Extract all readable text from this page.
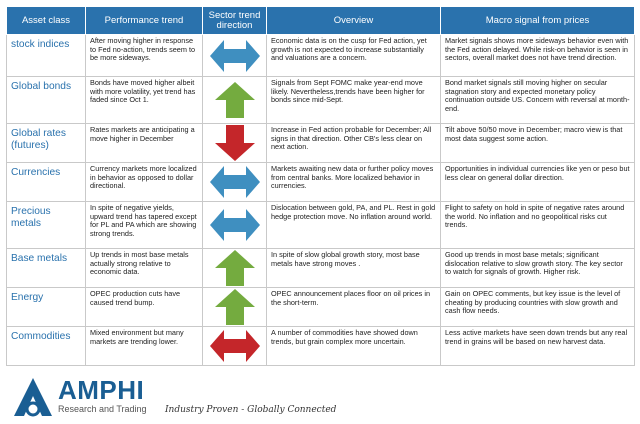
Asset class	Performance trend	Sector trend direction	Overview	Macro signal from prices
stock indices	After moving higher in response to Fed no-action, trends seem to be more sideways.		Economic data is on the cusp for Fed action, yet growth is not expected to increase substantially and valuations are a concern.	Market signals shows more sideways behavior even with the Fed action delayed. While risk-on behavior is seen in sectors, overall market does not have trend direction.
Global bonds	Bonds have moved higher albeit with more volatility, yet trend has faded since Oct 1.		Signals from Sept FOMC make year-end move likely. Nevertheless,trends have been higher for bonds since mid-Sept.	Bond market signals still moving higher on secular stagnation story and expected monetary policy continuation outside US. Concern with reversal at month-end.
Global rates (futures)	Rates markets are anticipating a move higher in December		Increase in Fed action probable for December; All signs in that direction. Other CB's less clear on next action.	Tilt above 50/50 move in December; macro view is that most data suggest some action.
Currencies	Currency markets more localized in behavior as opposed to dollar directional.		Markets awaiting new data or further policy moves from central banks. More localized behavior in currencies.	Opportunities in individual currencies like yen or peso but less clear on general dollar direction.
Precious metals	In spite of negative yields, upward trend has tapered except for PL and PA which are showing strong trends.		Dislocation between gold, PA, and PL. Rest in gold hedge protection move. No inflation around world.	Flight to safety on hold in spite of negative rates around the world. No inflation and no geopolitical risks cut trends.
Base metals	Up trends in most base metals actually strong relative to economic data.		In spite of slow global growth story, most base metals have strong moves .	Good up trends in most base metals; significant dislocation relative to slow growth story. The key sector to watch for signals of growth. Higher risk.
Energy	OPEC production cuts have caused trend bump.		OPEC announcement places floor on oil prices in the short-term.	Gain on OPEC comments, but key issue is the level of cheating by producing countries with slow growth and cash flow needs.
Commodities	Mixed environment but many markets are trending lower.		A number of commodities have showed down trends, but grain complex more uncertain.	Less active markets have seen down trends but any real trend in grains will be based on new harvest data.
AMPHI
Research and Trading Industry Proven - Globally Connected
